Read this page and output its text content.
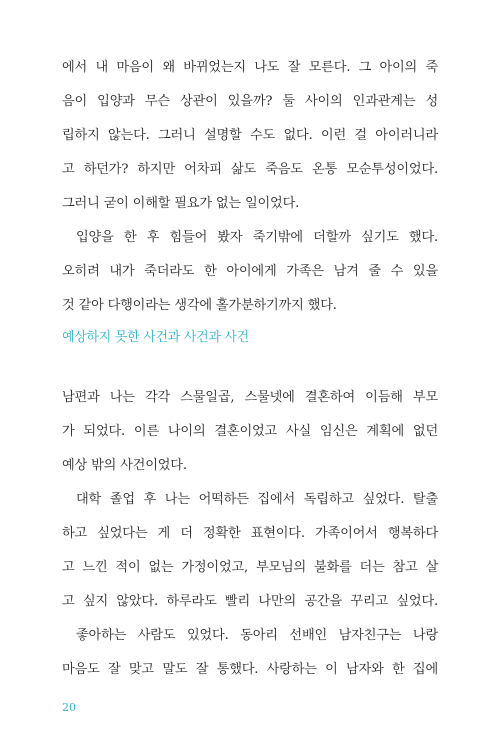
에서 내 마음이 왜 바뀌었는지 나도 잘 모른다. 그 아이의 죽
음이 입양과 무슨 상관이 있을까? 둘 사이의 인과관계는 성
립하지 않는다. 그러니 설명할 수도 없다. 이런 걸 아이러니라
고 하던가? 하지만 어차피 삶도 죽음도 온통 모순투성이었다.
그러니 굳이 이해할 필요가 없는 일이었다.
입양을 한 후 힘들어 봤자 죽기밖에 더할까 싶기도 했다.
오히려 내가 죽더라도 한 아이에게 가족은 남겨 줄 수 있을
것 같아 다행이라는 생각에 홀가분하기까지 했다.
예상하지 못한 사건과 사건과 사건
남편과 나는 각각 스물일곱, 스물넷에 결혼하여 이듬해 부모
가 되었다. 이른 나이의 결혼이었고 사실 임신은 계획에 없던
예상 밖의 사건이었다.
대학 졸업 후 나는 어떡하든 집에서 독립하고 싶었다. 탈출
하고 싶었다는 게 더 정확한 표현이다. 가족이어서 행복하다
고 느낀 적이 없는 가정이었고, 부모님의 불화를 더는 참고 살
고 싶지 않았다. 하루라도 빨리 나만의 공간을 꾸리고 싶었다.
좋아하는 사람도 있었다. 동아리 선배인 남자친구는 나랑
마음도 잘 맞고 말도 잘 통했다. 사랑하는 이 남자와 한 집에
20
